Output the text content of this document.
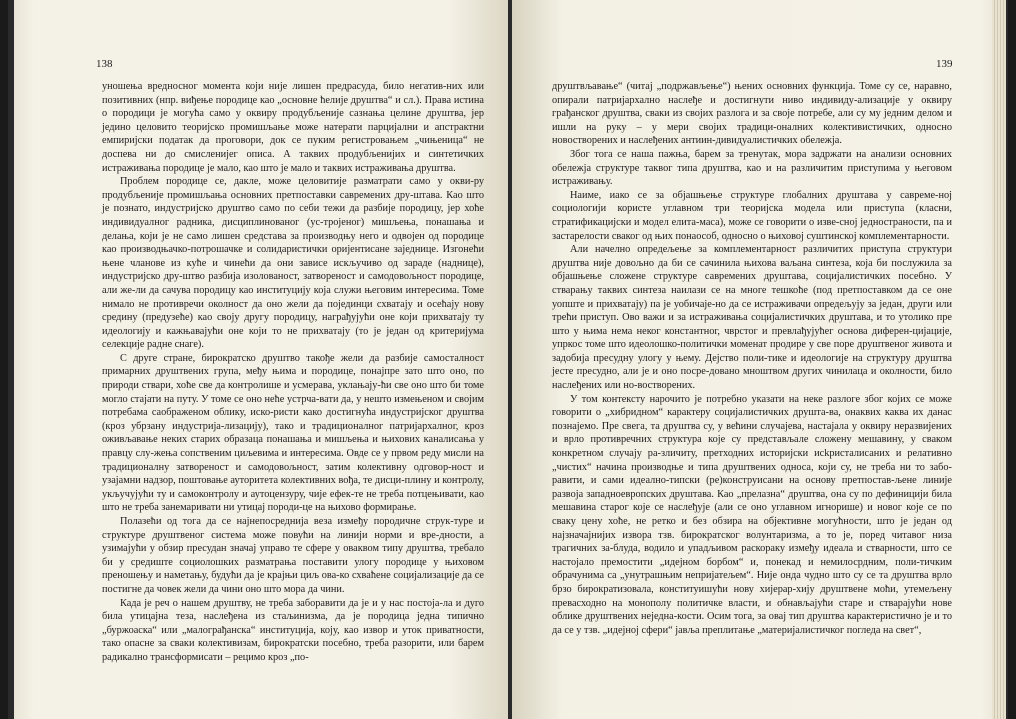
138

уношења вредносног момента који није лишен предрасуда, било негатив-них или позитивних (нпр. виђење породице као „основне ћелије друштва“ и сл.). Права истина о породици је могућа само у оквиру продубљеније сазнања целине друштва, јер једино целовито теоријско промишљање може натерати парцијални и апстрактни емпиријски податак да проговори, док се пуким регистровањем „чињеница“ не доспева ни до смисленијег описа. А таквих продубљенијих и синтетичких истраживања породице је мало, као што је мало и таквих истраживања друштва.

Проблем породице се, дакле, може целовитије разматрати само у окви-ру продубљеније промишљања основних претпоставки савремених дру-штава. Као што је познато, индустријско друштво само по себи тежи да разбије породицу, јер хоће индивидуалног радника, дисциплинованог (ус-тројеног) мишљења, понашања и делања, који је не само лишен средстава за производњу него и одвојен од породице као производњачко-потрошачке и солидаристички оријентисане заједнице. Изгонећи њене чланове из куће и чинећи да они зависе искључиво од зараде (наднице), индустријско дру-штво разбија изолованост, затвореност и самодовољност породице, али же-ли да сачува породицу као институцију која служи његовим интересима. Томе нимало не противречи околност да оно жели да појединци схватају и осећају нову средину (предузеће) као своју другу породицу, награђујући оне који прихватају ту идеологију и кажњавајући оне који то не прихватају (то је један од критеријума селекције радне снаге).

С друге стране, бирократско друштво такође жели да разбије самосталност примарних друштвених група, међу њима и породице, понајпре зато што оно, по природи ствари, хоће све да контролише и усмерава, уклањају-ћи све оно што би томе могло стајати на путу. У томе се оно нeће устрча-вати да, у нешто измењеном и својим потребама саображеном облику, иско-ристи како достигнућа индустријског друштва (кроз убрзану индустрија-лизацију), тако и традиционалног патријархалног, кроз оживљавање неких старих образаца понашања и мишљења и њихових каналисања у правцу слу-жења сопственим циљевима и интересима. Овде се у првом реду мисли на традиционалну затвореност и самодовољност, затим колективну одговор-ност и узајамни надзор, поштовање ауторитета колективних вођа, те дисци-плину и контролу, укључујући ту и самоконтролу и аутоцензуру, чије ефек-те не треба потцењивати, као што не треба занемаривати ни утицај породи-це на њихово формирање.

Полазећи од тога да се најнепосреднија веза између породичне струк-туре и структуре друштвеног система може повући на линији норми и вре-дности, а узимајући у обзир пресудан значај управо те сфере у оваквом типу друштва, требало би у средиште социолошких разматрања поставити улогу породице у њиховом преношењу и наметању, будући да је крајњи циљ ова-ко схваћене социјализације да се постигне да човек жели да чини оно што мора да чини.

Када је реч о нашем друштву, не треба заборавити да је и у нас постоја-ла и дуго била утицајна теза, наслеђена из стаљинизма, да је породица једна типично „буржоаска“ или „малограђанска“ институција, коју, као извор и уток приватности, тако опасне за сваки колективизам, бирократски посебно, треба разорити, или барем радикално трансформисати – рецимо кроз „по-

139

друштвљавање“ (читај „подржављење“) њених основних функција. Томе су се, наравно, опирали патријархално наслеђе и достигнути ниво индивиду-ализације у оквиру грађанског друштва, сваки из својих разлога и за своје потребе, али су му једним делом и ишли на руку – у мери својих традици-оналних колективистичких, односно новостворених и наслеђених антиин-дивидуалистичких обележја.

Због тога се наша пажња, барем за тренутак, мора задржати на анализи основних обележја структуре таквог типа друштва, као и на различитим приступима у његовом истраживању.

Наиме, иако се за објашњење структуре глобалних друштава у савреме-ној социологији користе углавном три теоријска модела или приступа (класни, стратификацијски и модел елита-маса), може се говорити о изве-сној једностраности, па и застарелости сваког од њих понаособ, односно о њиховој суштинској комплементарности.

Али начелно опредељење за комплементарност различитих приступа структури друштва није довољно да би се сачинила њихова ваљана синтеза, која би послужила за објашњење сложене структуре савремених друштава, социјалистичких посебно. У стварању таквих синтеза наилази се на многе тешкоће (под претпоставком да се оне уопште и прихватају) па је уобичаје-но да се истраживачи опредељују за један, други или трећи приступ. Ово важи и за истраживања социјалистичких друштава, и то утолико пре што у њима нема неког константног, чврстог и превлађујућег основа диферен-цијације, упркос томе што идеолошко-политички моменат продире у све поре друштвеног живота и задобија пресудну улогу у њему. Дејство поли-тике и идеологије на структуру друштва јесте пресудно, али је и оно посре-довано мноштвом других чинилаца и околности, било наслеђених или но-востворених.

У том контексту нарочито је потребно указати на неке разлоге због којих се може говорити о „хибридном“ карактеру социјалистичких друшта-ва, онаквих каква их данас познајемо. Пре свега, та друштва су, у већини случајева, настајала у оквиру неразвијених и врло противречних структура које су представљале сложену мешавину, у сваком конкретном случају ра-зличиту, претходних историјски исkристалисаних и релативно „чистих“ начина производње и типа друштвених односа, који су, не треба ни то забо-равити, и сами идеално-типски (ре)конструисани на основу претпостав-љене линије развоја западноевропских друштава. Као „прелазна“ друштва, она су по дефиницији била мешавина старог које се наслеђује (али се оно углавном игнорише) и новог које се по сваку цену хоће, не ретко и без обзира на објективне могућности, што је један од најзначајнијих извора тзв. бирократског волунтаризма, а то је, поред читавог низа трагичних за-блуда, водило и упадљивом раскораку између идеала и стварности, што се настојало премостити „идејном борбом“ и, понекад и немилосрдним, поли-тичким обрачунима са „унутрашњим непријатељем“. Није онда чудно што су се та друштва врло брзо бирократизовала, конституишући нову хијерар-хију друштвене моћи, утемељену превасходно на монополу политичке власти, и обнављајући старе и стварајући нове облике друштвених неједна-кости. Осим тога, за овај тип друштва карактеристично је и то да се у тзв. „идејној сфери“ јавља преплитање „материјалистичког погледа на свет“,
